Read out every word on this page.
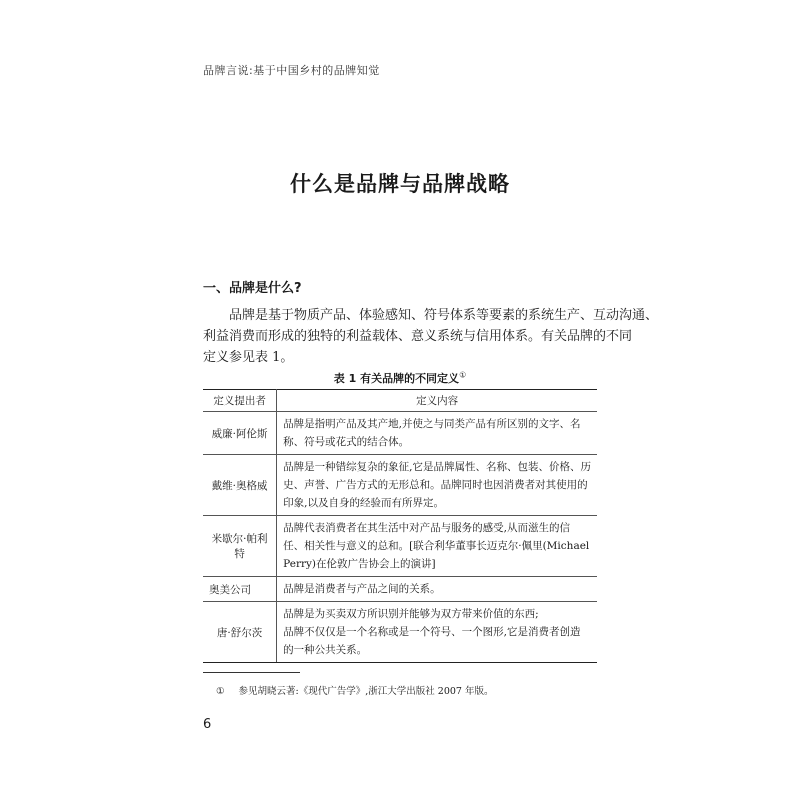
品牌言说:基于中国乡村的品牌知觉
什么是品牌与品牌战略
一、品牌是什么?

品牌是基于物质产品、体验感知、符号体系等要素的系统生产、互动沟通、
利益消费而形成的独特的利益载体、意义系统与信用体系。有关品牌的不同
定义参见表 1。

表 1 有关品牌的不同定义①
定义提出者	定义内容
威廉·阿伦斯	品牌是指明产品及其产地,并使之与同类产品有所区别的文字、名
称、符号或花式的结合体。

戴维·奥格威	品牌是一种错综复杂的象征,它是品牌属性、名称、包装、价格、历
史、声誉、广告方式的无形总和。品牌同时也因消费者对其使用的
印象,以及自身的经验而有所界定。

米歇尔·帕利特	品牌代表消费者在其生活中对产品与服务的感受,从而滋生的信
任、相关性与意义的总和。[联合利华董事长迈克尔·佩里(Michael
Perry)在伦敦广告协会上的演讲]

奥美公司	品牌是消费者与产品之间的关系。

唐·舒尔茨	品牌是为买卖双方所识别并能够为双方带来价值的东西;
品牌不仅仅是一个名称或是一个符号、一个图形,它是消费者创造
的一种公共关系。
① 参见胡晓云著:《现代广告学》,浙江大学出版社 2007 年版。
6
